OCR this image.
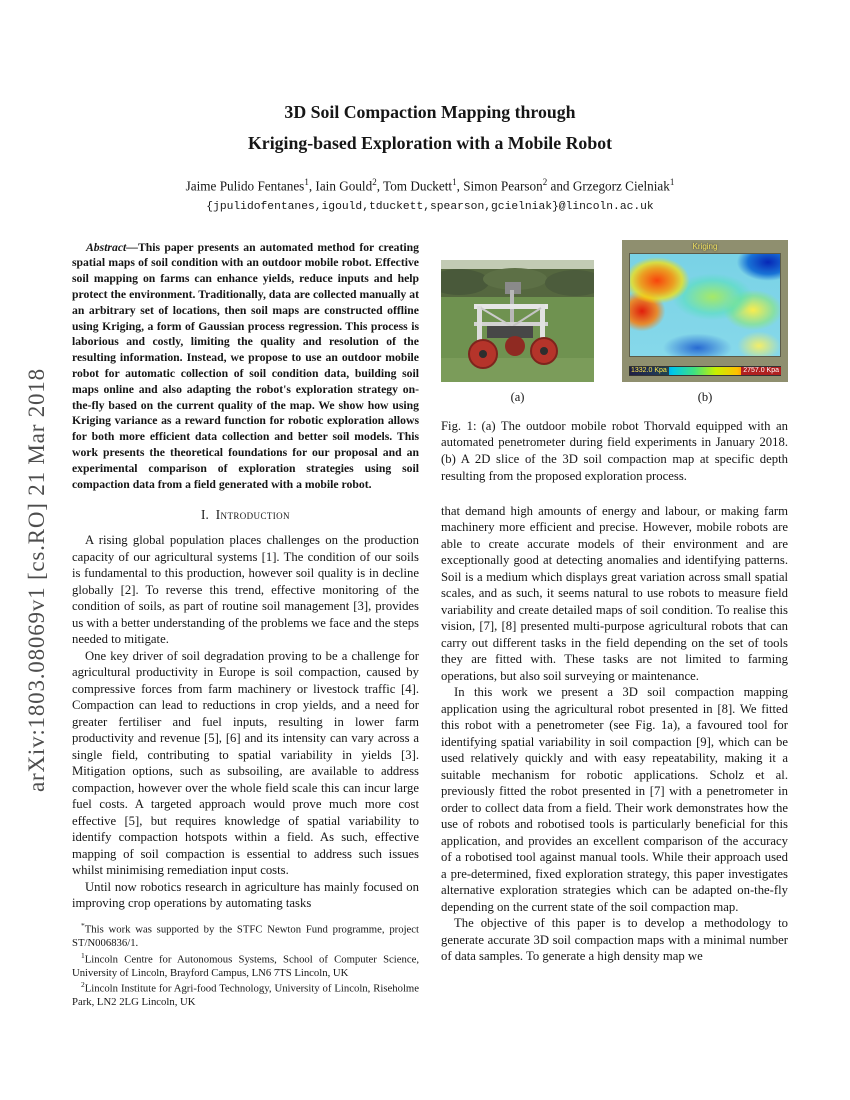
arXiv:1803.08069v1 [cs.RO] 21 Mar 2018
3D Soil Compaction Mapping through
Kriging-based Exploration with a Mobile Robot
Jaime Pulido Fentanes$^1$, Iain Gould$^2$, Tom Duckett$^1$, Simon Pearson$^2$ and Grzegorz Cielniak$^1$
{jpulidofentanes,igould,tduckett,spearson,gcielniak}@lincoln.ac.uk

Abstract—This paper presents an automated method for creating spatial maps of soil condition with an outdoor mobile robot. Effective soil mapping on farms can enhance yields, reduce inputs and help protect the environment. Traditionally, data are collected manually at an arbitrary set of locations, then soil maps are constructed offline using Kriging, a form of Gaussian process regression. This process is laborious and costly, limiting the quality and resolution of the resulting information. Instead, we propose to use an outdoor mobile robot for automatic collection of soil condition data, building soil maps online and also adapting the robot's exploration strategy on-the-fly based on the current quality of the map. We show how using Kriging variance as a reward function for robotic exploration allows for both more efficient data collection and better soil models. This work presents the theoretical foundations for our proposal and an experimental comparison of exploration strategies using soil compaction data from a field generated with a mobile robot.

I. Introduction

A rising global population places challenges on the production capacity of our agricultural systems [1]. The condition of our soils is fundamental to this production, however soil quality is in decline globally [2]. To reverse this trend, effective monitoring of the condition of soils, as part of routine soil management [3], provides us with a better understanding of the problems we face and the steps needed to mitigate.

One key driver of soil degradation proving to be a challenge for agricultural productivity in Europe is soil compaction, caused by compressive forces from farm machinery or livestock traffic [4]. Compaction can lead to reductions in crop yields, and a need for greater fertiliser and fuel inputs, resulting in lower farm productivity and revenue [5], [6] and its intensity can vary across a single field, contributing to spatial variability in yields [3]. Mitigation options, such as subsoiling, are available to address compaction, however over the whole field scale this can incur large fuel costs. A targeted approach would prove much more cost effective [5], but requires knowledge of spatial variability to identify compaction hotspots within a field. As such, effective mapping of soil compaction is essential to address such issues whilst minimising remediation input costs.

Until now robotics research in agriculture has mainly focused on improving crop operations by automating tasks

*This work was supported by the STFC Newton Fund programme, project ST/N006836/1.

$^1$Lincoln Centre for Autonomous Systems, School of Computer Science, University of Lincoln, Brayford Campus, LN6 7TS Lincoln, UK

$^2$Lincoln Institute for Agri-food Technology, University of Lincoln, Riseholme Park, LN2 2LG Lincoln, UK

(a)
Kriging
1332.0 Kpa	2757.0 Kpa
(b)

Fig. 1: (a) The outdoor mobile robot Thorvald equipped with an automated penetrometer during field experiments in January 2018. (b) A 2D slice of the 3D soil compaction map at specific depth resulting from the proposed exploration process.

that demand high amounts of energy and labour, or making farm machinery more efficient and precise. However, mobile robots are able to create accurate models of their environment and are exceptionally good at detecting anomalies and identifying patterns. Soil is a medium which displays great variation across small spatial scales, and as such, it seems natural to use robots to measure field variability and create detailed maps of soil condition. To realise this vision, [7], [8] presented multi-purpose agricultural robots that can carry out different tasks in the field depending on the set of tools they are fitted with. These tasks are not limited to farming operations, but also soil surveying or maintenance.

In this work we present a 3D soil compaction mapping application using the agricultural robot presented in [8]. We fitted this robot with a penetrometer (see Fig. 1a), a favoured tool for identifying spatial variability in soil compaction [9], which can be used relatively quickly and with easy repeatability, making it a suitable mechanism for robotic applications. Scholz et al. previously fitted the robot presented in [7] with a penetrometer in order to collect data from a field. Their work demonstrates how the use of robots and robotised tools is particularly beneficial for this application, and provides an excellent comparison of the accuracy of a robotised tool against manual tools. While their approach used a pre-determined, fixed exploration strategy, this paper investigates alternative exploration strategies which can be adapted on-the-fly depending on the current state of the soil compaction map.

The objective of this paper is to develop a methodology to generate accurate 3D soil compaction maps with a minimal number of data samples. To generate a high density map we
